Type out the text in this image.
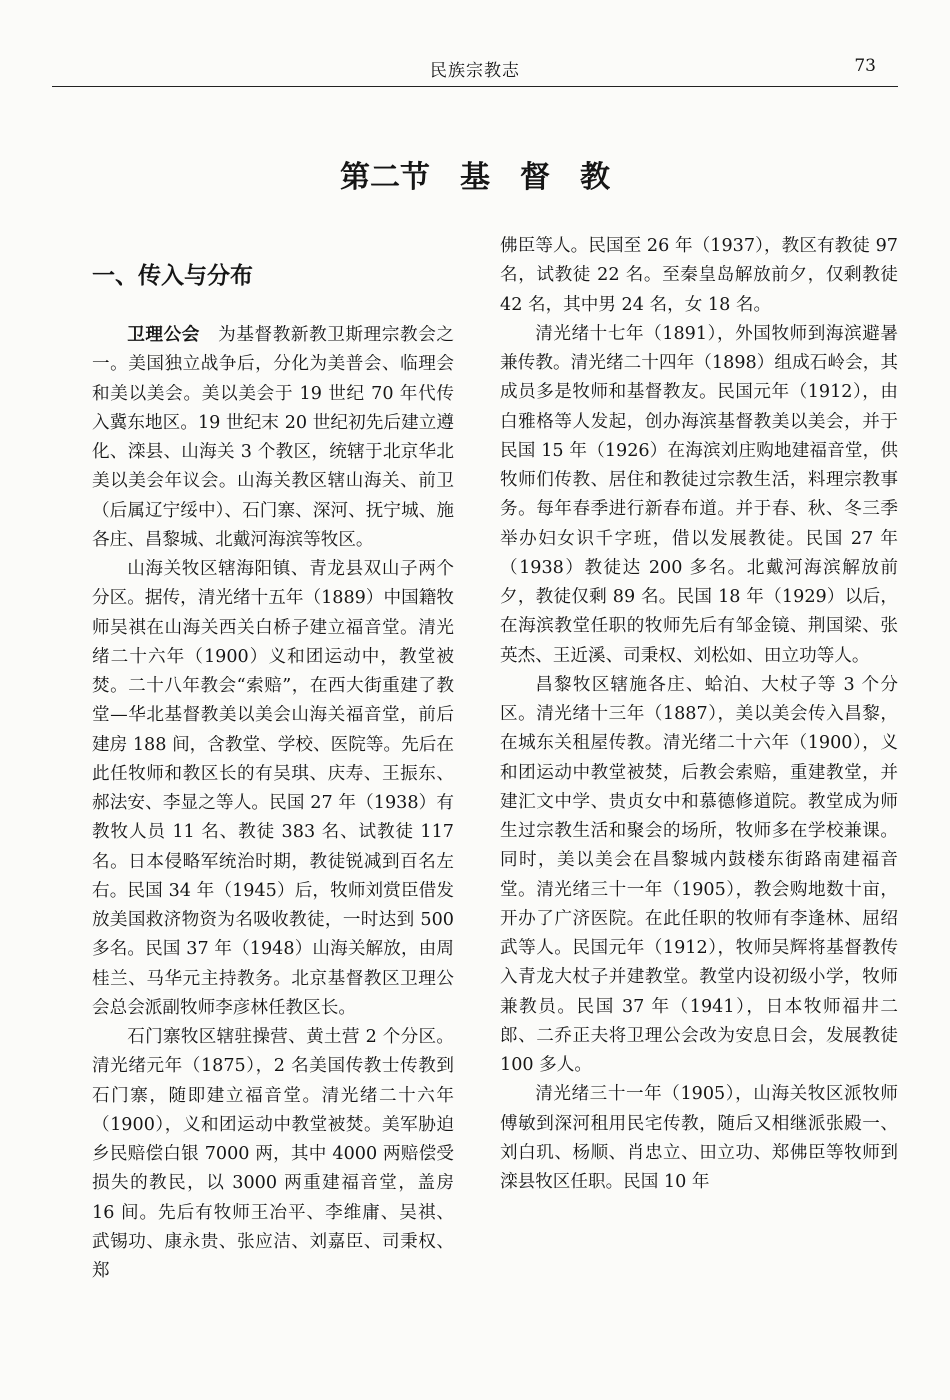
民族宗教志	73
第二节　基　督　教
一、传入与分布

卫理公会　为基督教新教卫斯理宗教会之一。美国独立战争后，分化为美普会、临理会和美以美会。美以美会于 19 世纪 70 年代传入冀东地区。19 世纪末 20 世纪初先后建立遵化、滦县、山海关 3 个教区，统辖于北京华北美以美会年议会。山海关教区辖山海关、前卫（后属辽宁绥中）、石门寨、深河、抚宁城、施各庄、昌黎城、北戴河海滨等牧区。

山海关牧区辖海阳镇、青龙县双山子两个分区。据传，清光绪十五年（1889）中国籍牧师吴祺在山海关西关白桥子建立福音堂。清光绪二十六年（1900）义和团运动中，教堂被焚。二十八年教会“索赔”，在西大街重建了教堂—华北基督教美以美会山海关福音堂，前后建房 188 间，含教堂、学校、医院等。先后在此任牧师和教区长的有吴琪、庆寿、王振东、郝法安、李显之等人。民国 27 年（1938）有教牧人员 11 名、教徒 383 名、试教徒 117 名。日本侵略军统治时期，教徒锐减到百名左右。民国 34 年（1945）后，牧师刘赏臣借发放美国救济物资为名吸收教徒，一时达到 500 多名。民国 37 年（1948）山海关解放，由周桂兰、马华元主持教务。北京基督教区卫理公会总会派副牧师李彦林任教区长。

石门寨牧区辖驻操营、黄土营 2 个分区。清光绪元年（1875），2 名美国传教士传教到石门寨，随即建立福音堂。清光绪二十六年（1900），义和团运动中教堂被焚。美军胁迫乡民赔偿白银 7000 两，其中 4000 两赔偿受损失的教民，以 3000 两重建福音堂，盖房 16 间。先后有牧师王冶平、李维庸、吴祺、武锡功、康永贵、张应洁、刘嘉臣、司秉权、郑

佛臣等人。民国至 26 年（1937），教区有教徒 97 名，试教徒 22 名。至秦皇岛解放前夕，仅剩教徒 42 名，其中男 24 名，女 18 名。

清光绪十七年（1891），外国牧师到海滨避暑兼传教。清光绪二十四年（1898）组成石岭会，其成员多是牧师和基督教友。民国元年（1912），由白雅格等人发起，创办海滨基督教美以美会，并于民国 15 年（1926）在海滨刘庄购地建福音堂，供牧师们传教、居住和教徒过宗教生活，料理宗教事务。每年春季进行新春布道。并于春、秋、冬三季举办妇女识千字班，借以发展教徒。民国 27 年（1938）教徒达 200 多名。北戴河海滨解放前夕，教徒仅剩 89 名。民国 18 年（1929）以后，在海滨教堂任职的牧师先后有邹金镜、荆国梁、张英杰、王近溪、司秉权、刘松如、田立功等人。

昌黎牧区辖施各庄、蛤泊、大杖子等 3 个分区。清光绪十三年（1887），美以美会传入昌黎，在城东关租屋传教。清光绪二十六年（1900），义和团运动中教堂被焚，后教会索赔，重建教堂，并建汇文中学、贵贞女中和慕德修道院。教堂成为师生过宗教生活和聚会的场所，牧师多在学校兼课。同时，美以美会在昌黎城内鼓楼东街路南建福音堂。清光绪三十一年（1905），教会购地数十亩，开办了广济医院。在此任职的牧师有李逢林、屈绍武等人。民国元年（1912），牧师吴辉将基督教传入青龙大杖子并建教堂。教堂内设初级小学，牧师兼教员。民国 37 年（1941），日本牧师福井二郎、二乔正夫将卫理公会改为安息日会，发展教徒 100 多人。

清光绪三十一年（1905），山海关牧区派牧师傅敏到深河租用民宅传教，随后又相继派张殿一、刘白玑、杨顺、肖忠立、田立功、郑佛臣等牧师到滦县牧区任职。民国 10 年
